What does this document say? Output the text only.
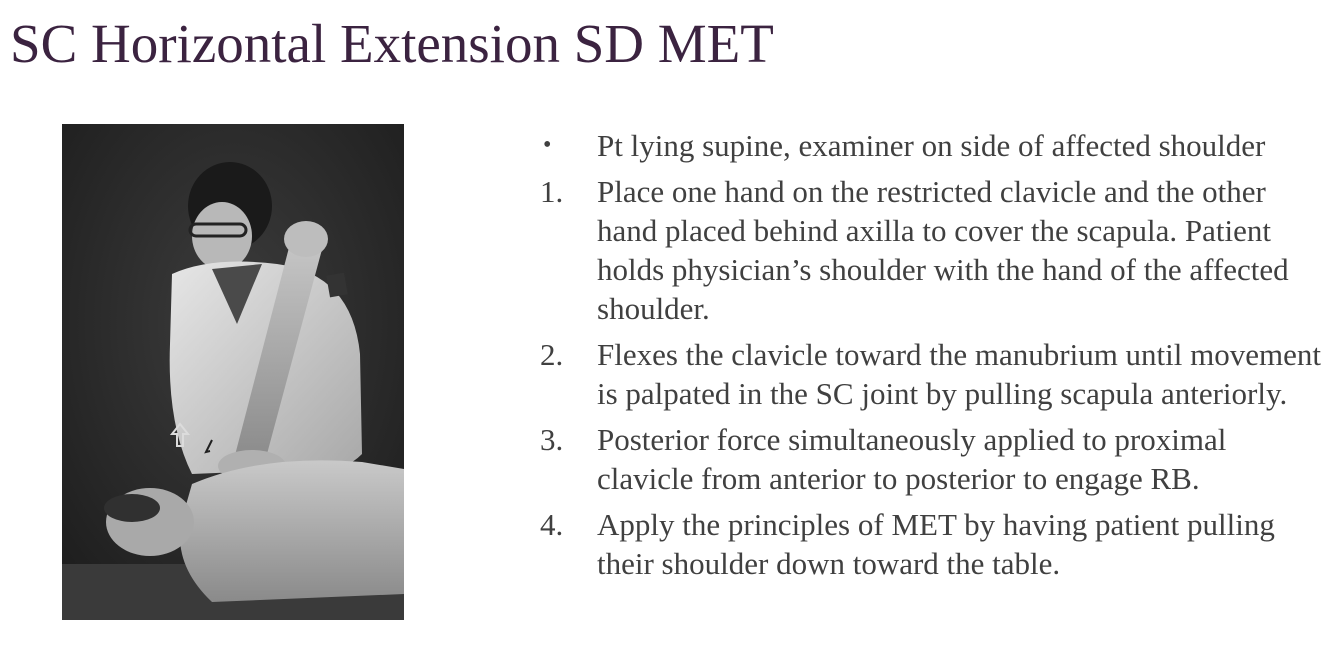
SC Horizontal Extension SD MET
•	Pt lying supine, examiner on side of affected shoulder
1.	Place one hand on the restricted clavicle and the other hand placed behind axilla to cover the scapula. Patient holds physician’s shoulder with the hand of the affected shoulder.
2.	Flexes the clavicle toward the manubrium until movement is palpated in the SC joint by pulling scapula anteriorly.
3.	Posterior force simultaneously applied to proximal clavicle from anterior to posterior to engage RB.
4.	Apply the principles of MET by having patient pulling their shoulder down toward the table.
